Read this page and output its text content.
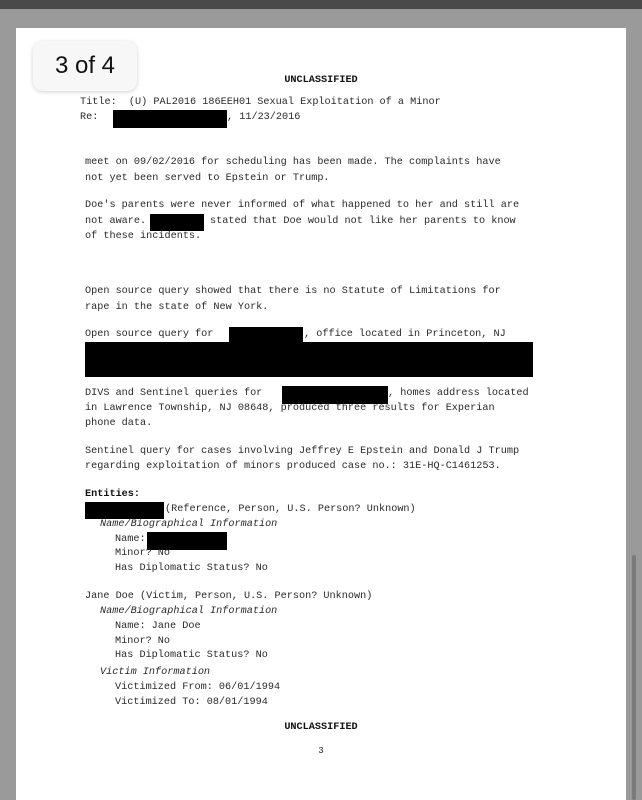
3 of 4
UNCLASSIFIED
Title:  (U) PAL2016 186EEH01 Sexual Exploitation of a Minor
Re:	, 11/23/2016
meet on 09/02/2016 for scheduling has been made. The complaints have
not yet been served to Epstein or Trump.
Doe's parents were never informed of what happened to her and still are
not aware.	stated that Doe would not like her parents to know
of these incidents.
Open source query showed that there is no Statute of Limitations for
rape in the state of New York.
Open source query for	, office located in Princeton, NJ
DIVS and Sentinel queries for	, homes address located
in Lawrence Township, NJ 08648, produced three results for Experian
phone data.
Sentinel query for cases involving Jeffrey E Epstein and Donald J Trump
regarding exploitation of minors produced case no.: 31E-HQ-C1461253.
Entities:
(Reference, Person, U.S. Person? Unknown)
Name/Biographical Information
Name:
Minor? No
Has Diplomatic Status? No
Jane Doe (Victim, Person, U.S. Person? Unknown)
Name/Biographical Information
Name: Jane Doe
Minor? No
Has Diplomatic Status? No
Victim Information
Victimized From: 06/01/1994
Victimized To: 08/01/1994
UNCLASSIFIED
3
